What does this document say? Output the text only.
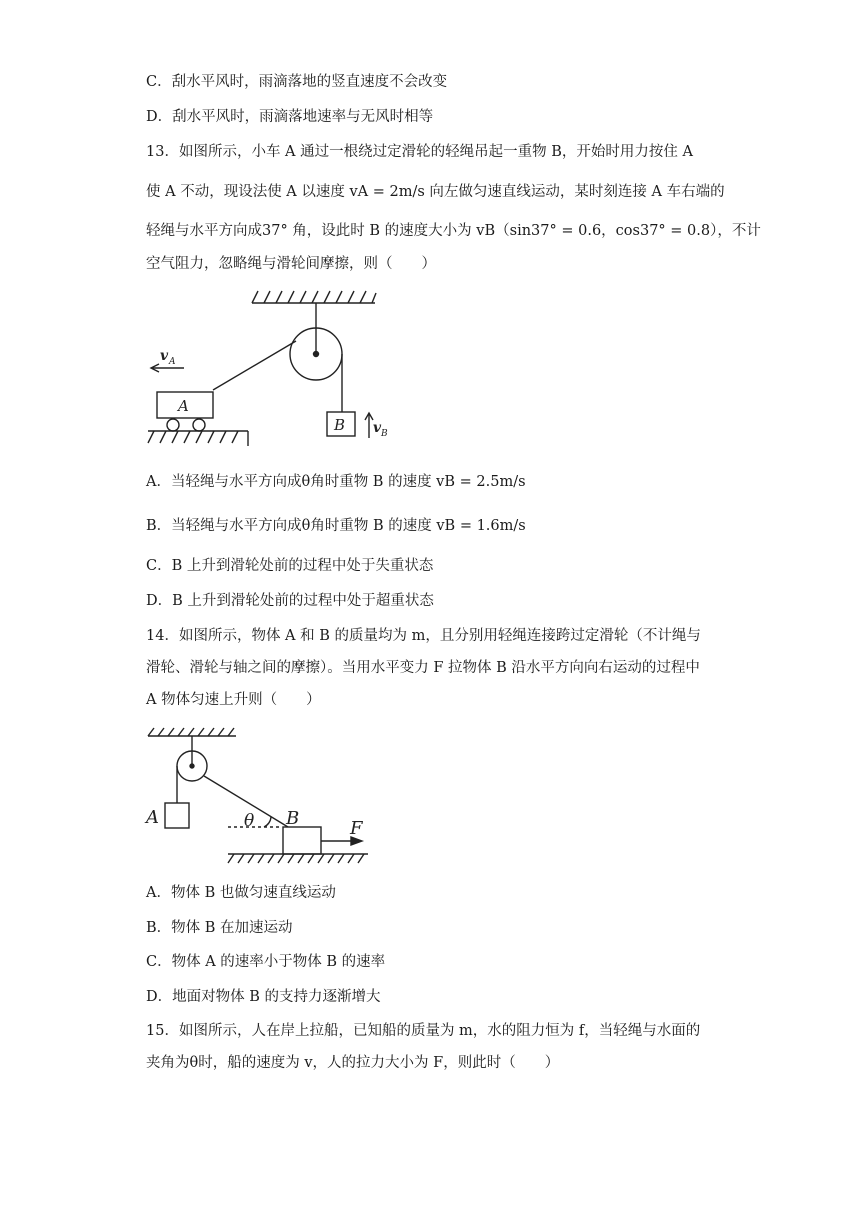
C．刮水平风时，雨滴落地的竖直速度不会改变
D．刮水平风时，雨滴落地速率与无风时相等
13．如图所示，小车 A 通过一根绕过定滑轮的轻绳吊起一重物 B，开始时用力按住 A
使 A 不动，现设法使 A 以速度 vA = 2m/s 向左做匀速直线运动，某时刻连接 A 车右端的
轻绳与水平方向成37° 角，设此时 B 的速度大小为 vB（sin37° = 0.6，cos37° = 0.8），不计
空气阻力，忽略绳与滑轮间摩擦，则（　　）
v A
A
B v B
A．当轻绳与水平方向成θ角时重物 B 的速度 vB = 2.5m/s
B．当轻绳与水平方向成θ角时重物 B 的速度 vB = 1.6m/s
C．B 上升到滑轮处前的过程中处于失重状态
D．B 上升到滑轮处前的过程中处于超重状态
14．如图所示，物体 A 和 B 的质量均为 m，且分别用轻绳连接跨过定滑轮（不计绳与
滑轮、滑轮与轴之间的摩擦）。当用水平变力 F 拉物体 B 沿水平方向向右运动的过程中
A 物体匀速上升则（　　）
A	θ B	F
A．物体 B 也做匀速直线运动
B．物体 B 在加速运动
C．物体 A 的速率小于物体 B 的速率
D．地面对物体 B 的支持力逐渐增大
15．如图所示，人在岸上拉船，已知船的质量为 m，水的阻力恒为 f，当轻绳与水面的
夹角为θ时，船的速度为 v，人的拉力大小为 F，则此时（　　）
